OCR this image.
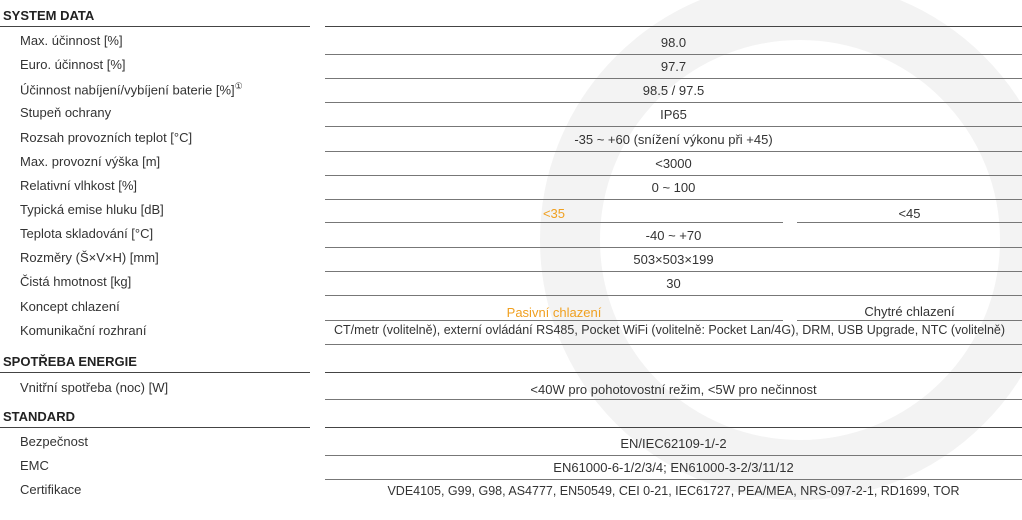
SYSTEM DATA
Max. účinnost [%]	98.0
Euro. účinnost [%]	97.7
Účinnost nabíjení/vybíjení baterie [%]①	98.5 / 97.5
Stupeň ochrany	IP65
Rozsah provozních teplot [°C]	-35 ~ +60 (snížení výkonu při +45)
Max. provozní výška [m]	<3000
Relativní vlhkost [%]	0 ~ 100
Typická emise hluku [dB]	<35	<45
Teplota skladování [°C]	-40 ~ +70
Rozměry (Š×V×H) [mm]	503×503×199
Čistá hmotnost [kg]	30
Koncept chlazení	Pasivní chlazení	Chytré chlazení
Komunikační rozhraní	CT/metr (volitelně), externí ovládání RS485, Pocket WiFi (volitelně: Pocket Lan/4G), DRM, USB Upgrade, NTC (volitelně)
SPOTŘEBA ENERGIE
Vnitřní spotřeba (noc) [W]	<40W pro pohotovostní režim, <5W pro nečinnost
STANDARD
Bezpečnost	EN/IEC62109-1/-2
EMC	EN61000-6-1/2/3/4; EN61000-3-2/3/11/12
Certifikace	VDE4105, G99, G98, AS4777, EN50549, CEI 0-21, IEC61727, PEA/MEA, NRS-097-2-1, RD1699, TOR
